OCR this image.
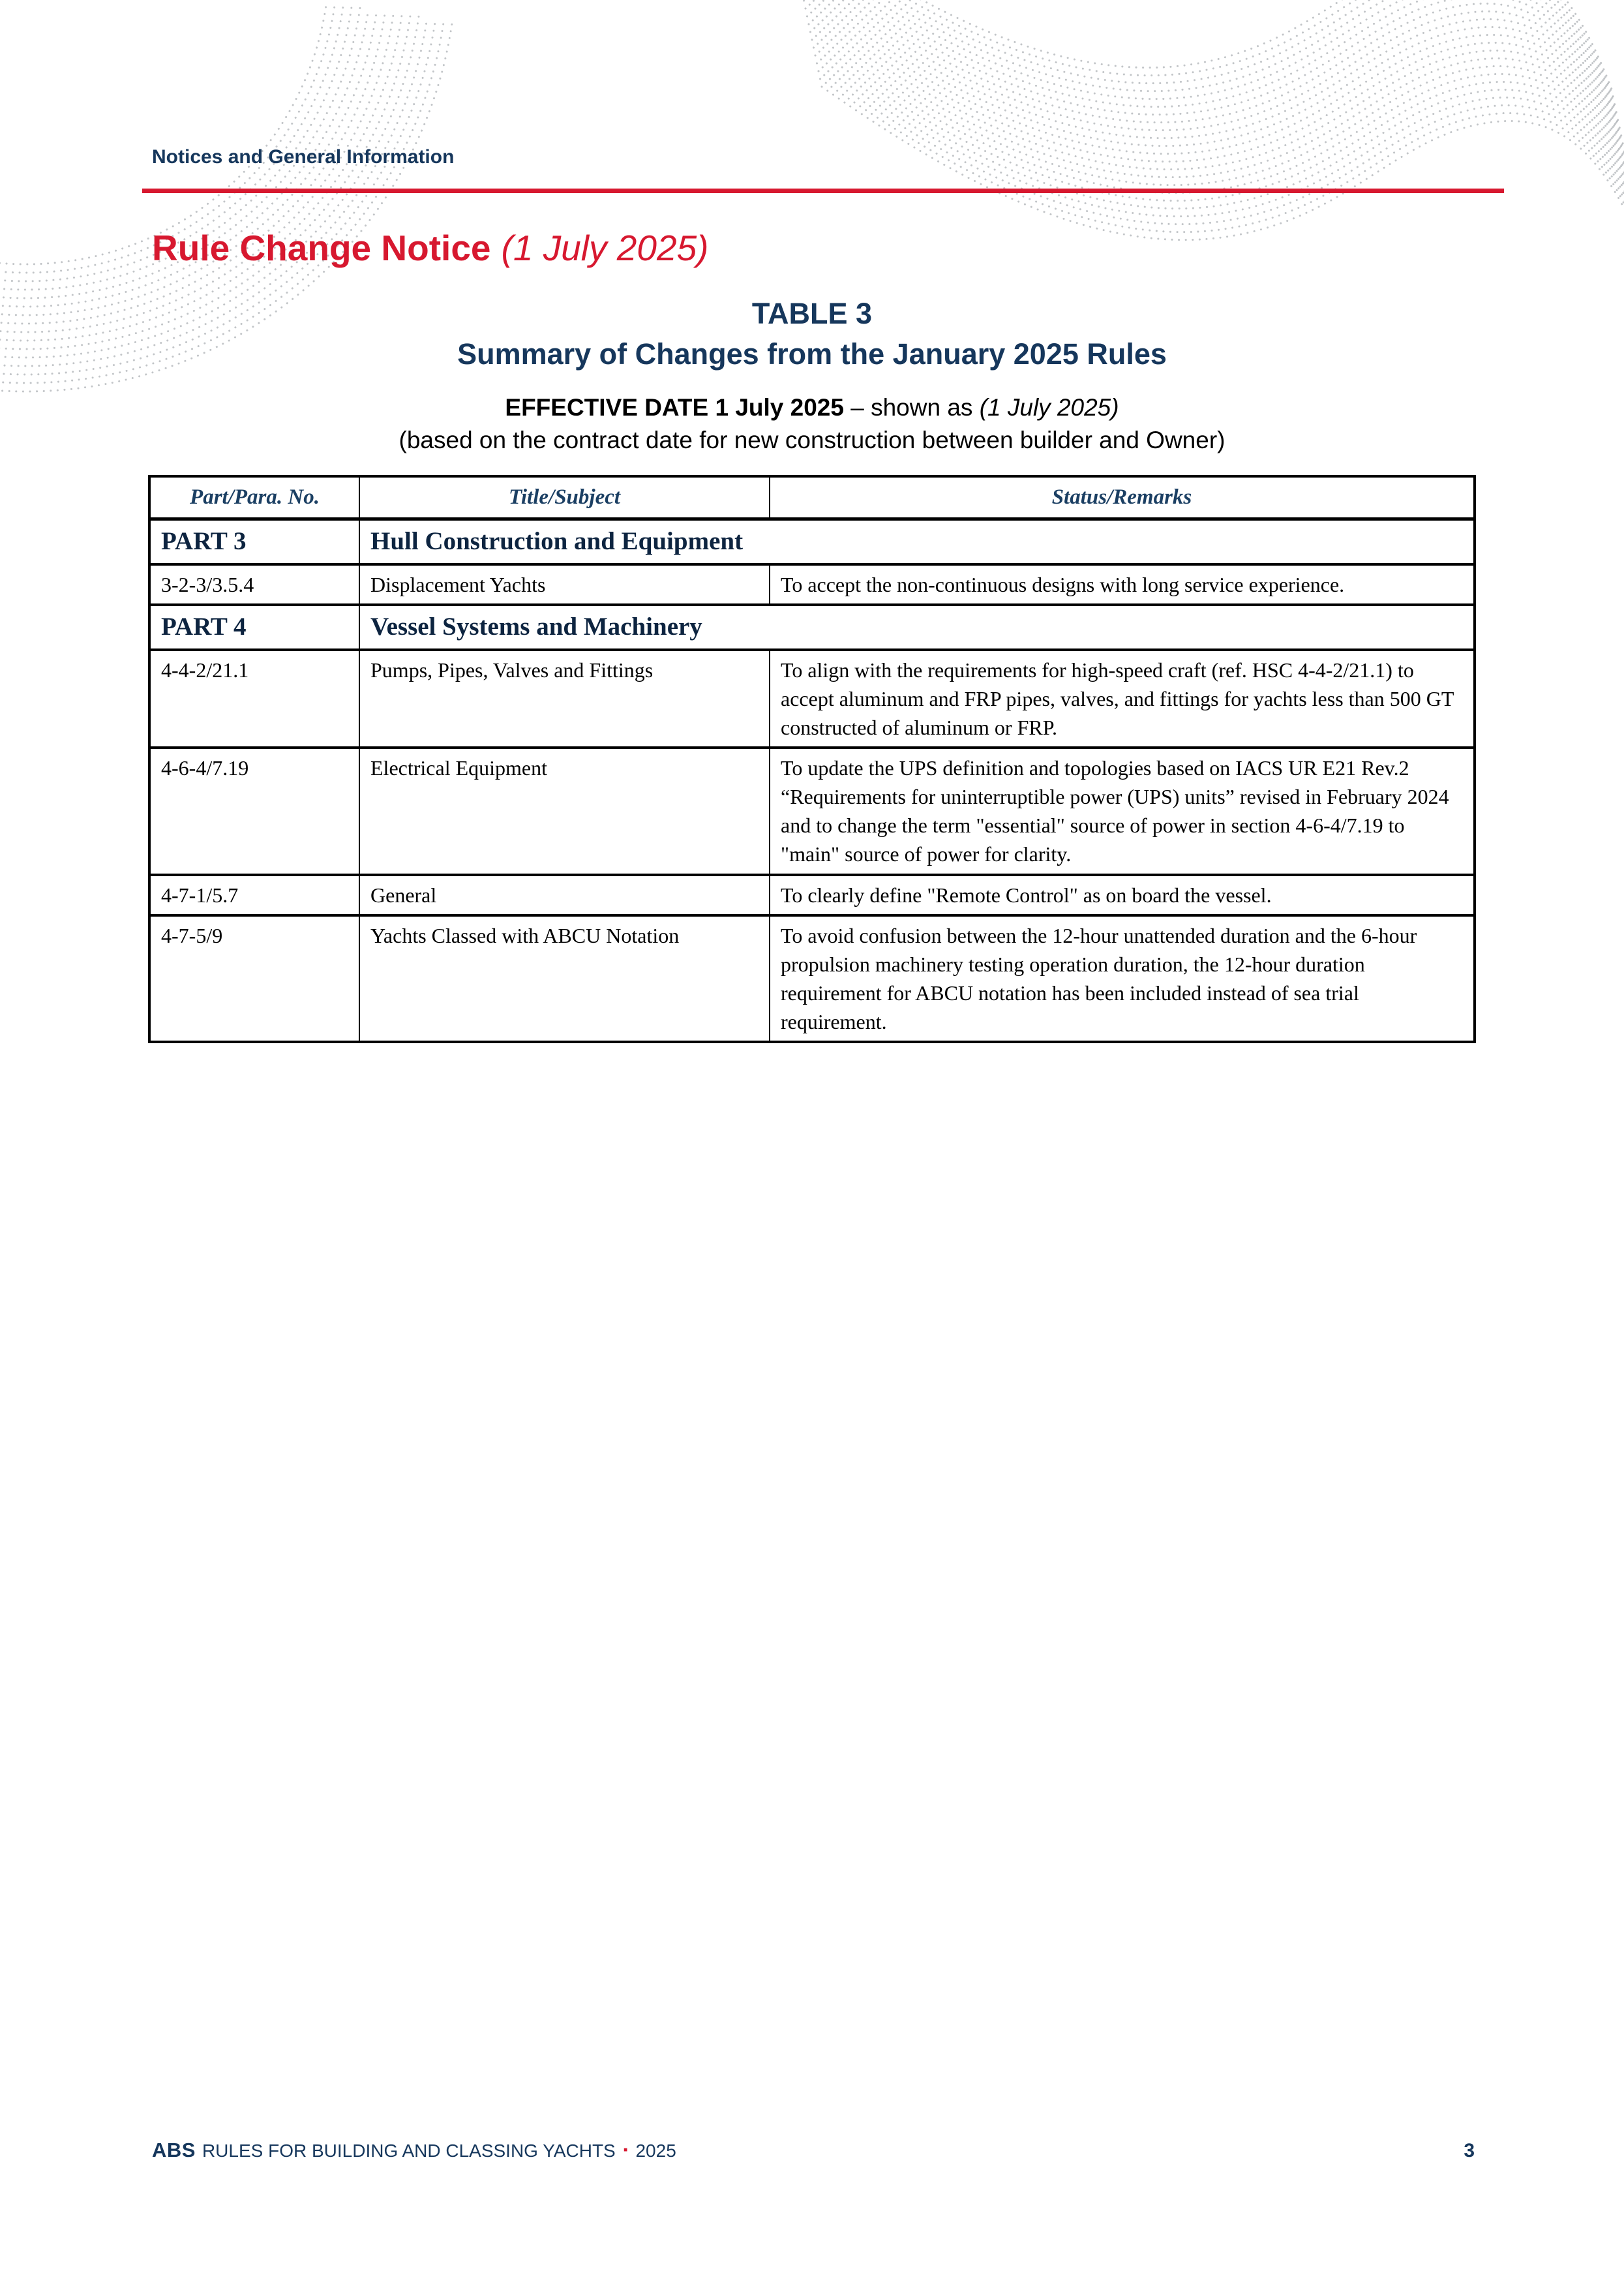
Notices and General Information
Rule Change Notice (1 July 2025)
TABLE 3
Summary of Changes from the January 2025 Rules
EFFECTIVE DATE 1 July 2025 – shown as (1 July 2025)
(based on the contract date for new construction between builder and Owner)
Part/Para. No.	Title/Subject	Status/Remarks
PART 3	Hull Construction and Equipment	
3-2-3/3.5.4	Displacement Yachts	To accept the non-continuous designs with long service experience.
PART 4	Vessel Systems and Machinery	
4-4-2/21.1	Pumps, Pipes, Valves and Fittings	To align with the requirements for high-speed craft (ref. HSC 4-4-2/21.1) to accept aluminum and FRP pipes, valves, and fittings for yachts less than 500 GT constructed of aluminum or FRP.
4-6-4/7.19	Electrical Equipment	To update the UPS definition and topologies based on IACS UR E21 Rev.2 “Requirements for uninterruptible power (UPS) units” revised in February 2024 and to change the term "essential" source of power in section 4-6-4/7.19 to "main" source of power for clarity.
4-7-1/5.7	General	To clearly define "Remote Control" as on board the vessel.
4-7-5/9	Yachts Classed with ABCU Notation	To avoid confusion between the 12-hour unattended duration and the 6-hour propulsion machinery testing operation duration, the 12-hour duration requirement for ABCU notation has been included instead of sea trial requirement.
ABS RULES FOR BUILDING AND CLASSING YACHTS ▪ 2025	3
